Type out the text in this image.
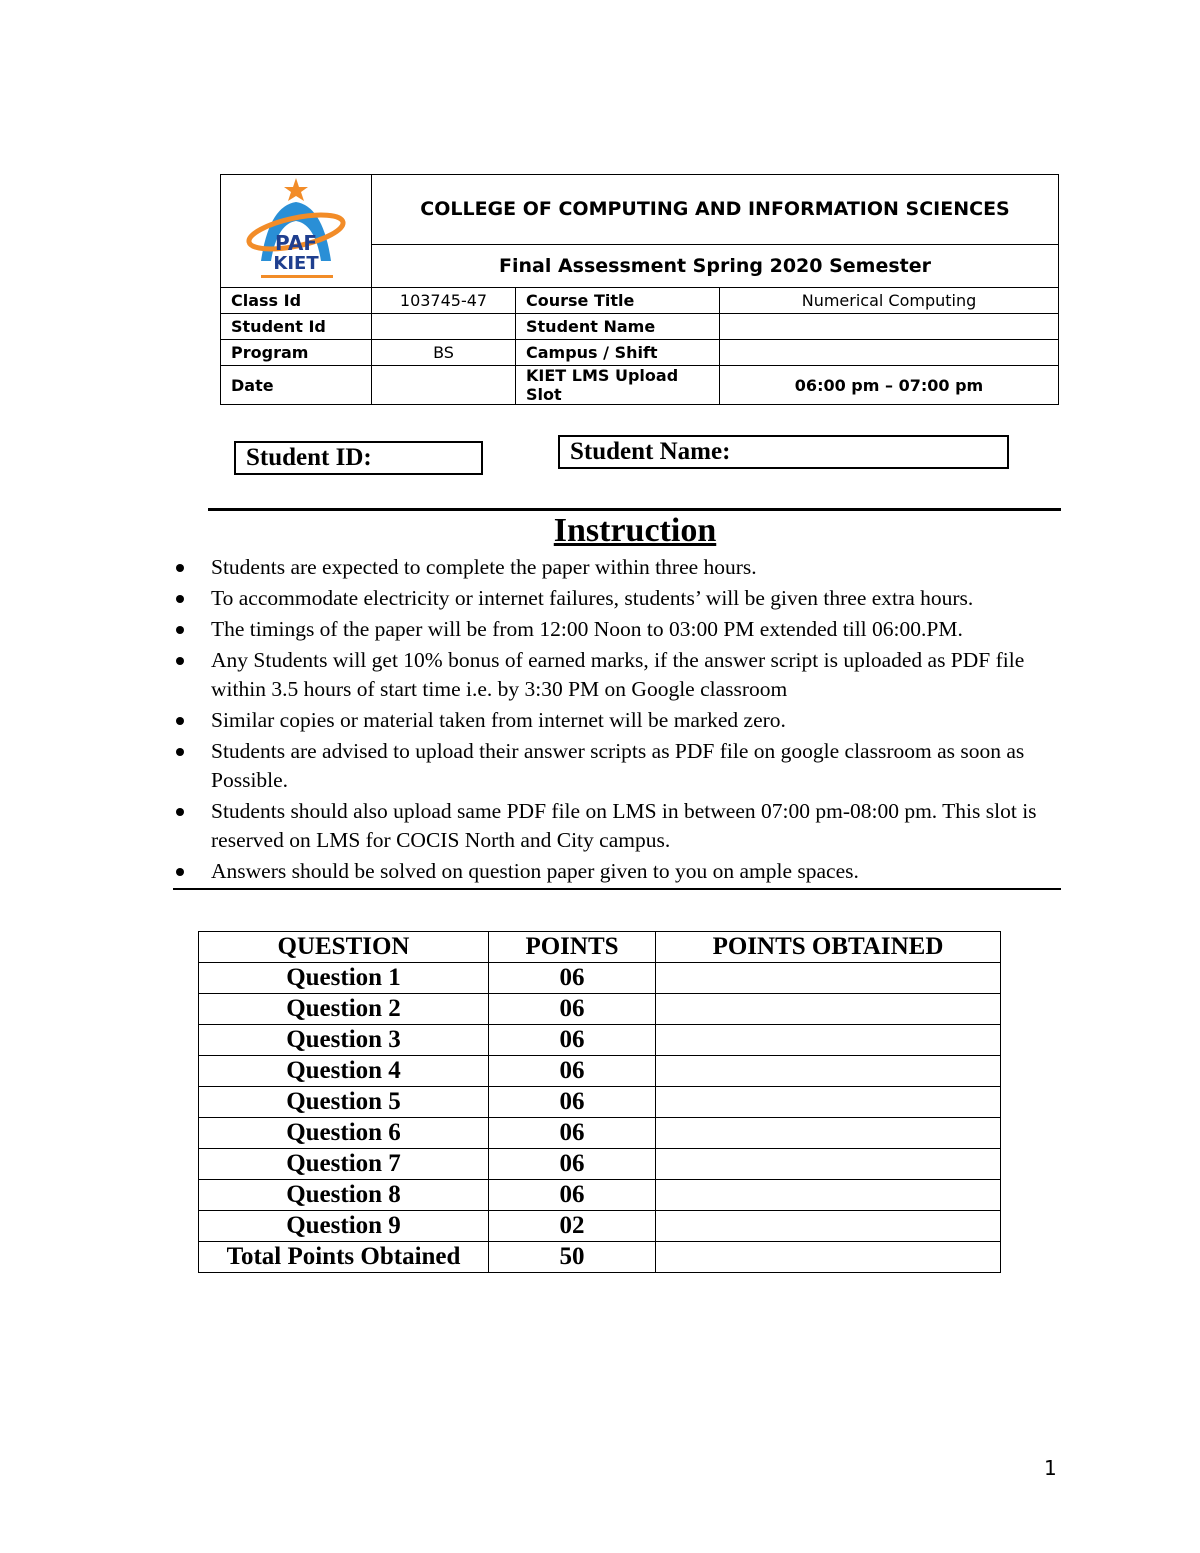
PAF
KIET	COLLEGE OF COMPUTING AND INFORMATION SCIENCES		
	Final Assessment Spring 2020 Semester		
Class Id	103745-47	Course Title	Numerical Computing
Student Id		Student Name	
Program	BS	Campus / Shift	
Date		KIET LMS Upload Slot	06:00 pm – 07:00 pm
Student ID:	Student Name:
Instruction
Students are expected to complete the paper within three hours.
To accommodate electricity or internet failures, students’ will be given three extra hours.
The timings of the paper will be from 12:00 Noon to 03:00 PM extended till 06:00.PM.
Any Students will get 10% bonus of earned marks, if the answer script is uploaded as PDF file within 3.5 hours of start time i.e. by 3:30 PM on Google classroom
Similar copies or material taken from internet will be marked zero.
Students are advised to upload their answer scripts as PDF file on google classroom as soon as Possible.
Students should also upload same PDF file on LMS in between 07:00 pm-08:00 pm. This slot is reserved on LMS for COCIS North and City campus.
Answers should be solved on question paper given to you on ample spaces.
QUESTION	POINTS	POINTS OBTAINED
Question 1	06	
Question 2	06	
Question 3	06	
Question 4	06	
Question 5	06	
Question 6	06	
Question 7	06	
Question 8	06	
Question 9	02	
Total Points Obtained	50	
1
